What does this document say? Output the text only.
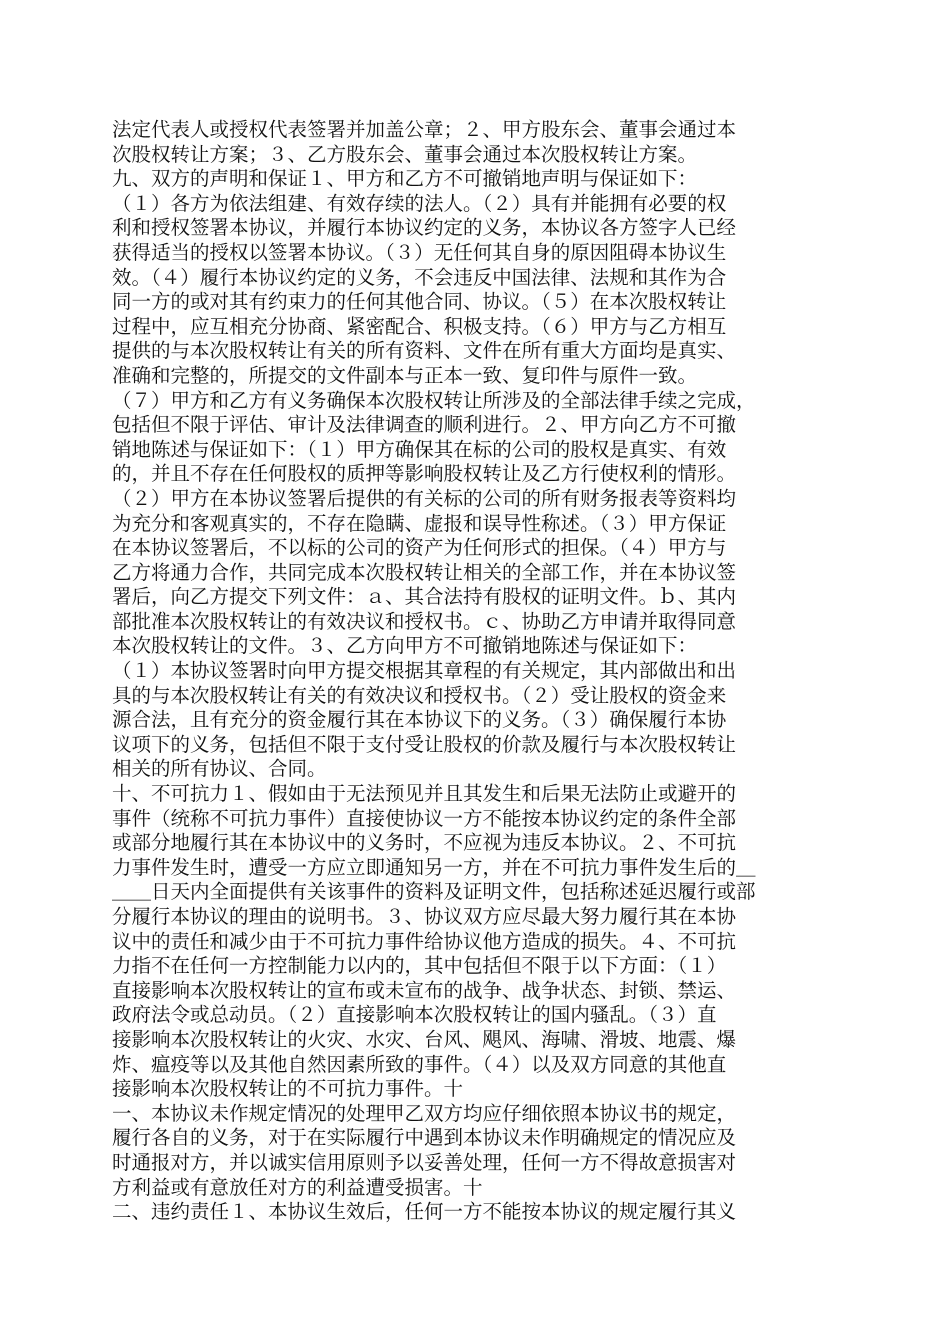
法定代表人或授权代表签署并加盖公章；２、甲方股东会、董事会通过本
次股权转让方案；３、乙方股东会、董事会通过本次股权转让方案。
九、双方的声明和保证１、甲方和乙方不可撤销地声明与保证如下：
（１）各方为依法组建、有效存续的法人。（２）具有并能拥有必要的权
利和授权签署本协议，并履行本协议约定的义务，本协议各方签字人已经
获得适当的授权以签署本协议。（３）无任何其自身的原因阻碍本协议生
效。（４）履行本协议约定的义务，不会违反中国法律、法规和其作为合
同一方的或对其有约束力的任何其他合同、协议。（５）在本次股权转让
过程中，应互相充分协商、紧密配合、积极支持。（６）甲方与乙方相互
提供的与本次股权转让有关的所有资料、文件在所有重大方面均是真实、
准确和完整的，所提交的文件副本与正本一致、复印件与原件一致。
（７）甲方和乙方有义务确保本次股权转让所涉及的全部法律手续之完成，
包括但不限于评估、审计及法律调查的顺利进行。２、甲方向乙方不可撤
销地陈述与保证如下：（１）甲方确保其在标的公司的股权是真实、有效
的，并且不存在任何股权的质押等影响股权转让及乙方行使权利的情形。
（２）甲方在本协议签署后提供的有关标的公司的所有财务报表等资料均
为充分和客观真实的，不存在隐瞒、虚报和误导性称述。（３）甲方保证
在本协议签署后，不以标的公司的资产为任何形式的担保。（４）甲方与
乙方将通力合作，共同完成本次股权转让相关的全部工作，并在本协议签
署后，向乙方提交下列文件：ａ、其合法持有股权的证明文件。ｂ、其内
部批准本次股权转让的有效决议和授权书。ｃ、协助乙方申请并取得同意
本次股权转让的文件。３、乙方向甲方不可撤销地陈述与保证如下：
（１）本协议签署时向甲方提交根据其章程的有关规定，其内部做出和出
具的与本次股权转让有关的有效决议和授权书。（２）受让股权的资金来
源合法，且有充分的资金履行其在本协议下的义务。（３）确保履行本协
议项下的义务，包括但不限于支付受让股权的价款及履行与本次股权转让
相关的所有协议、合同。
十、不可抗力１、假如由于无法预见并且其发生和后果无法防止或避开的
事件（统称不可抗力事件）直接使协议一方不能按本协议约定的条件全部
或部分地履行其在本协议中的义务时，不应视为违反本协议。２、不可抗
力事件发生时，遭受一方应立即通知另一方，并在不可抗力事件发生后的＿
＿＿日天内全面提供有关该事件的资料及证明文件，包括称述延迟履行或部
分履行本协议的理由的说明书。３、协议双方应尽最大努力履行其在本协
议中的责任和减少由于不可抗力事件给协议他方造成的损失。４、不可抗
力指不在任何一方控制能力以内的，其中包括但不限于以下方面：（１）
直接影响本次股权转让的宣布或未宣布的战争、战争状态、封锁、禁运、
政府法令或总动员。（２）直接影响本次股权转让的国内骚乱。（３）直
接影响本次股权转让的火灾、水灾、台风、飓风、海啸、滑坡、地震、爆
炸、瘟疫等以及其他自然因素所致的事件。（４）以及双方同意的其他直
接影响本次股权转让的不可抗力事件。十
一、本协议未作规定情况的处理甲乙双方均应仔细依照本协议书的规定，
履行各自的义务，对于在实际履行中遇到本协议未作明确规定的情况应及
时通报对方，并以诚实信用原则予以妥善处理，任何一方不得故意损害对
方利益或有意放任对方的利益遭受损害。十
二、违约责任１、本协议生效后，任何一方不能按本协议的规定履行其义
